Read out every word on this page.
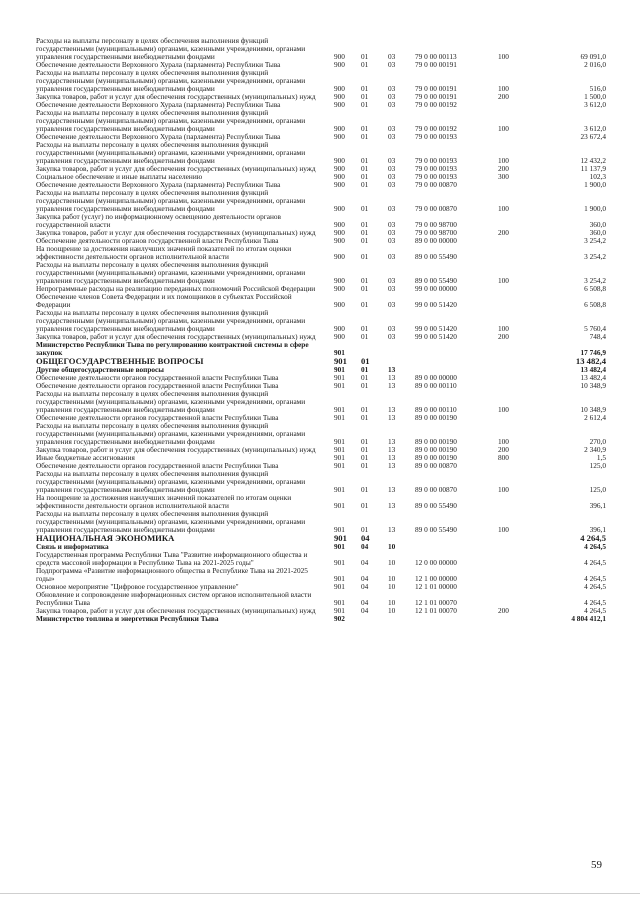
Расходы на выплаты персоналу в целях обеспечения выполнения функций государственными (муниципальными) органами, казенными учреждениями, органами управления государственными внебюджетными фондами	900	01	03	79 0 00 00113	100	69 091,0
Обеспечение деятельности Верховного Хурала (парламента) Республики Тыва	900	01	03	79 0 00 00191	2 016,0
Расходы на выплаты персоналу в целях обеспечения выполнения функций государственными (муниципальными) органами, казенными учреждениями, органами управления государственными внебюджетными фондами	900	01	03	79 0 00 00191	100	516,0
Закупка товаров, работ и услуг для обеспечения государственных (муниципальных) нужд	900	01	03	79 0 00 00191	200	1 500,0
Обеспечение деятельности Верховного Хурала (парламента) Республики Тыва	900	01	03	79 0 00 00192	3 612,0
Расходы на выплаты персоналу в целях обеспечения выполнения функций государственными (муниципальными) органами, казенными учреждениями, органами управления государственными внебюджетными фондами	900	01	03	79 0 00 00192	100	3 612,0
Обеспечение деятельности Верховного Хурала (парламента) Республики Тыва	900	01	03	79 0 00 00193	23 672,4
Расходы на выплаты персоналу в целях обеспечения выполнения функций государственными (муниципальными) органами, казенными учреждениями, органами управления государственными внебюджетными фондами	900	01	03	79 0 00 00193	100	12 432,2
Закупка товаров, работ и услуг для обеспечения государственных (муниципальных) нужд	900	01	03	79 0 00 00193	200	11 137,9
Социальное обеспечение и иные выплаты населению	900	01	03	79 0 00 00193	300	102,3
Обеспечение деятельности Верховного Хурала (парламента) Республики Тыва	900	01	03	79 0 00 00870	1 900,0
Расходы на выплаты персоналу в целях обеспечения выполнения функций государственными (муниципальными) органами, казенными учреждениями, органами управления государственными внебюджетными фондами	900	01	03	79 0 00 00870	100	1 900,0
Закупка работ (услуг) по информационному освещению деятельности органов государственной власти	900	01	03	79 0 00 98700	360,0
Закупка товаров, работ и услуг для обеспечения государственных (муниципальных) нужд	900	01	03	79 0 00 98700	200	360,0
Обеспечение деятельности органов государственной власти Республики Тыва	900	01	03	89 0 00 00000	3 254,2
На поощрение за достижения наилучших значений показателей по итогам оценки эффективности деятельности органов исполнительной власти	900	01	03	89 0 00 55490	3 254,2
Расходы на выплаты персоналу в целях обеспечения выполнения функций государственными (муниципальными) органами, казенными учреждениями, органами управления государственными внебюджетными фондами	900	01	03	89 0 00 55490	100	3 254,2
Непрограммные расходы на реализацию переданных полномочий Российской Федерации	900	01	03	99 0 00 00000	6 508,8
Обеспечение членов Совета Федерации и их помощников в субъектах Российской Федерации	900	01	03	99 0 00 51420	6 508,8
Расходы на выплаты персоналу в целях обеспечения выполнения функций государственными (муниципальными) органами, казенными учреждениями, органами управления государственными внебюджетными фондами	900	01	03	99 0 00 51420	100	5 760,4
Закупка товаров, работ и услуг для обеспечения государственных (муниципальных) нужд	900	01	03	99 0 00 51420	200	748,4
Министерство Республики Тыва по регулированию контрактной системы в сфере закупок	901	17 746,9
ОБЩЕГОСУДАРСТВЕННЫЕ ВОПРОСЫ	901	01	13 482,4
Другие общегосударственные вопросы	901	01	13	13 482,4
Обеспечение деятельности органов государственной власти Республики Тыва	901	01	13	89 0 00 00000	13 482,4
Обеспечение деятельности органов государственной власти Республики Тыва	901	01	13	89 0 00 00110	10 348,9
Расходы на выплаты персоналу в целях обеспечения выполнения функций государственными (муниципальными) органами, казенными учреждениями, органами управления государственными внебюджетными фондами	901	01	13	89 0 00 00110	100	10 348,9
Обеспечение деятельности органов государственной власти Республики Тыва	901	01	13	89 0 00 00190	2 612,4
Расходы на выплаты персоналу в целях обеспечения выполнения функций государственными (муниципальными) органами, казенными учреждениями, органами управления государственными внебюджетными фондами	901	01	13	89 0 00 00190	100	270,0
Закупка товаров, работ и услуг для обеспечения государственных (муниципальных) нужд	901	01	13	89 0 00 00190	200	2 340,9
Иные бюджетные ассигнования	901	01	13	89 0 00 00190	800	1,5
Обеспечение деятельности органов государственной власти Республики Тыва	901	01	13	89 0 00 00870	125,0
Расходы на выплаты персоналу в целях обеспечения выполнения функций государственными (муниципальными) органами, казенными учреждениями, органами управления государственными внебюджетными фондами	901	01	13	89 0 00 00870	100	125,0
На поощрение за достижения наилучших значений показателей по итогам оценки эффективности деятельности органов исполнительной власти	901	01	13	89 0 00 55490	396,1
Расходы на выплаты персоналу в целях обеспечения выполнения функций государственными (муниципальными) органами, казенными учреждениями, органами управления государственными внебюджетными фондами	901	01	13	89 0 00 55490	100	396,1
НАЦИОНАЛЬНАЯ ЭКОНОМИКА	901	04	4 264,5
Связь и информатика	901	04	10	4 264,5
Государственная программа Республики Тыва "Развитие информационного общества и средств массовой информации в Республике Тыва на 2021-2025 годы"	901	04	10	12 0 00 00000	4 264,5
Подпрограмма «Развитие информационного общества в Республике Тыва на 2021-2025 годы»	901	04	10	12 1 00 00000	4 264,5
Основное мероприятие "Цифровое государственное управление"	901	04	10	12 1 01 00000	4 264,5
Обновление и сопровождение информационных систем органов исполнительной власти Республики Тыва	901	04	10	12 1 01 00070	4 264,5
Закупка товаров, работ и услуг для обеспечения государственных (муниципальных) нужд	901	04	10	12 1 01 00070	200	4 264,5
Министерство топлива и энергетики Республики Тыва	902	4 804 412,1
59
